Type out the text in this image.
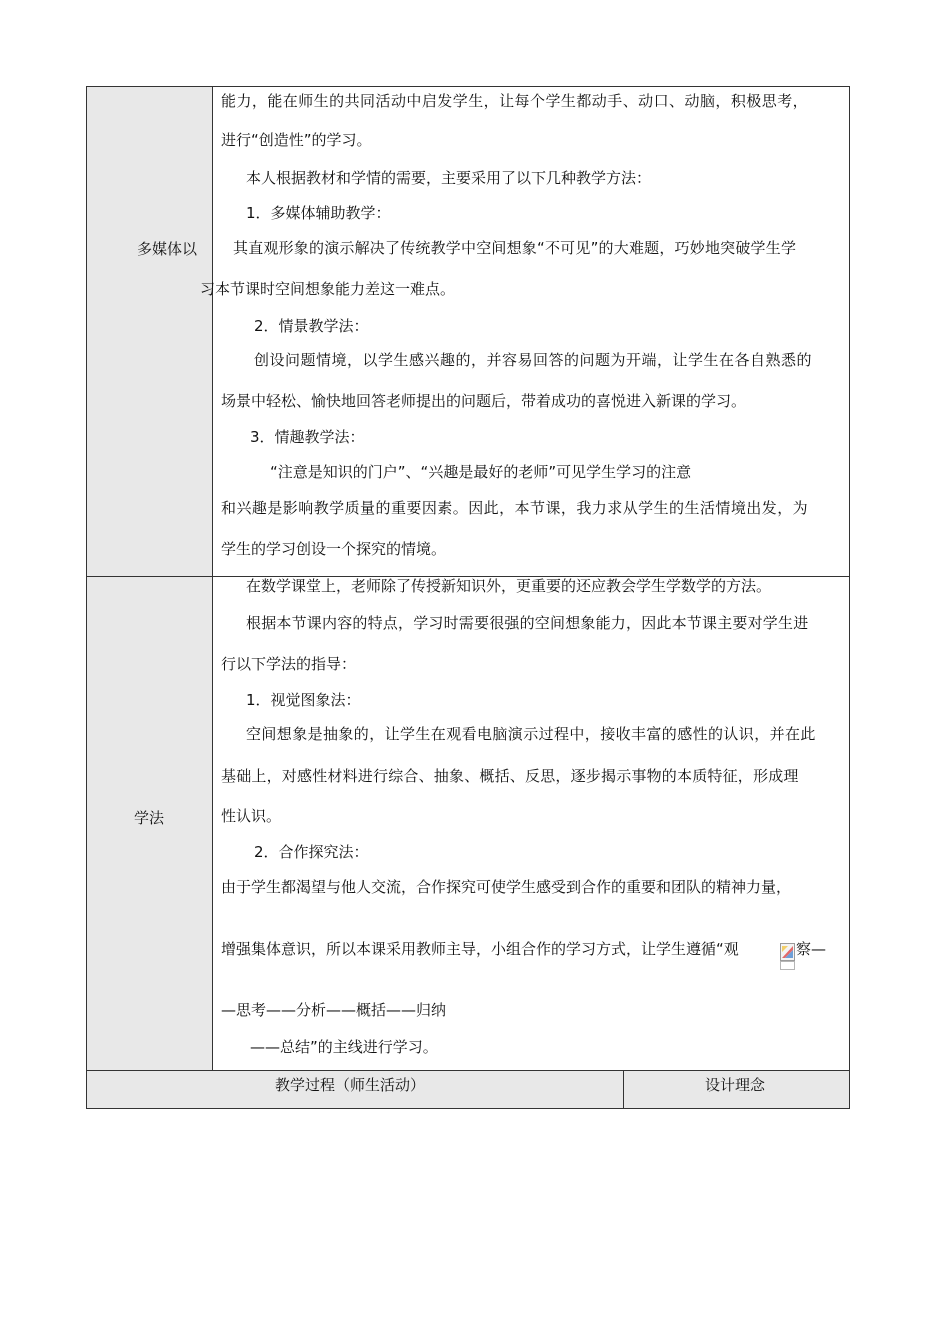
多媒体以
能力，能在师生的共同活动中启发学生，让每个学生都动手、动口、动脑，积极思考，
进行“创造性”的学习。
本人根据教材和学情的需要，主要采用了以下几种教学方法：
1．多媒体辅助教学：
其直观形象的演示解决了传统教学中空间想象“不可见”的大难题，巧妙地突破学生学
习本节课时空间想象能力差这一难点。
2．情景教学法：
创设问题情境，以学生感兴趣的，并容易回答的问题为开端，让学生在各自熟悉的
场景中轻松、愉快地回答老师提出的问题后，带着成功的喜悦进入新课的学习。
3．情趣教学法：
“注意是知识的门户”、“兴趣是最好的老师”可见学生学习的注意
和兴趣是影响教学质量的重要因素。因此，本节课，我力求从学生的生活情境出发，为
学生的学习创设一个探究的情境。
学法
在数学课堂上，老师除了传授新知识外，更重要的还应教会学生学数学的方法。
根据本节课内容的特点，学习时需要很强的空间想象能力，因此本节课主要对学生进
行以下学法的指导：
1．视觉图象法：
空间想象是抽象的，让学生在观看电脑演示过程中，接收丰富的感性的认识，并在此
基础上，对感性材料进行综合、抽象、概括、反思，逐步揭示事物的本质特征，形成理
性认识。
2．合作探究法：
由于学生都渴望与他人交流，合作探究可使学生感受到合作的重要和团队的精神力量，
增强集体意识，所以本课采用教师主导，小组合作的学习方式，让学生遵循“观	察—
—思考——分析——概括——归纳
——总结”的主线进行学习。
教学过程（师生活动）	设计理念
